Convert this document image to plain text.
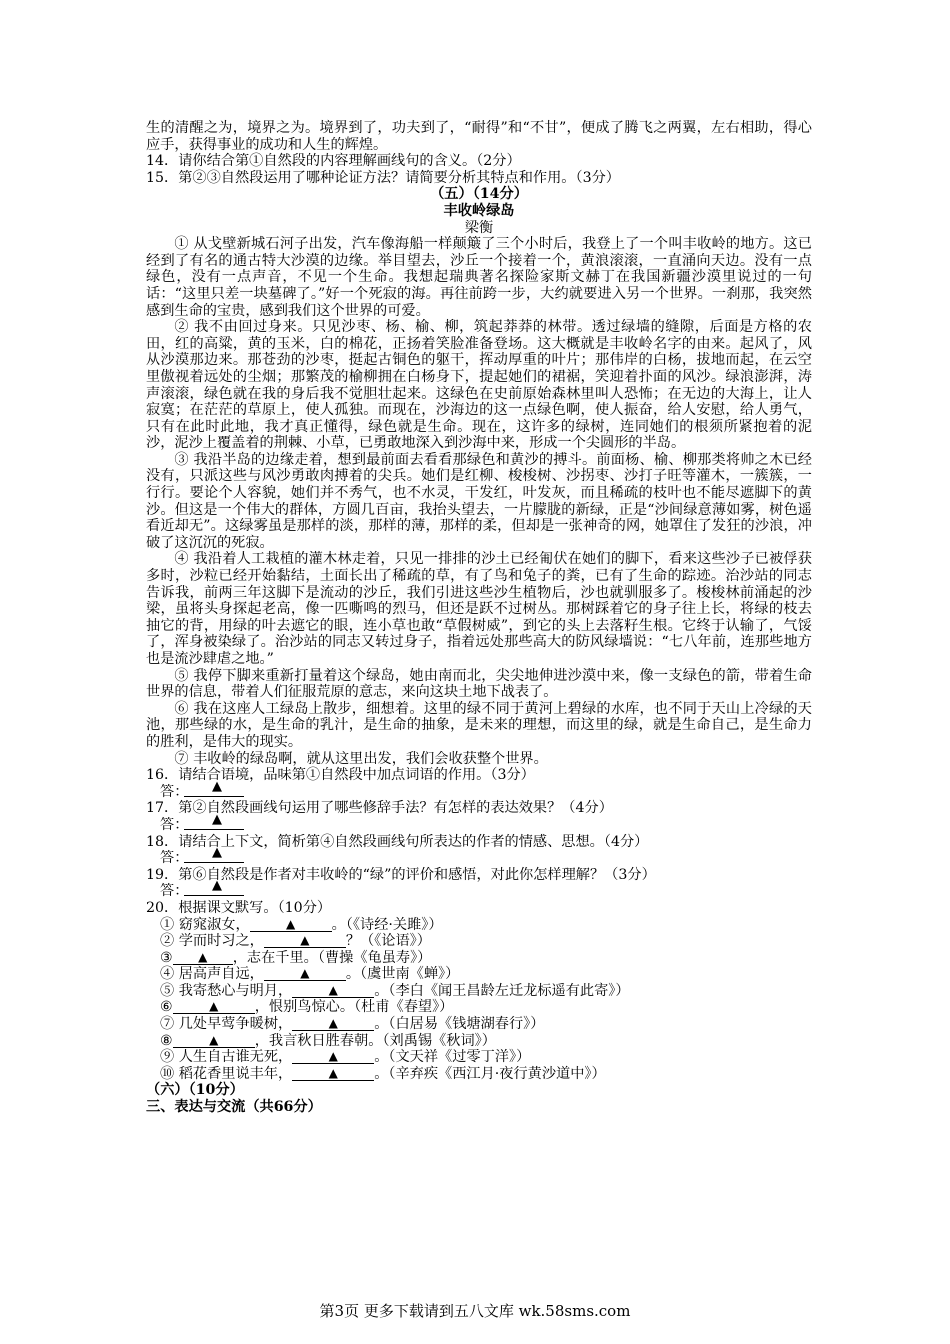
生的清醒之为，境界之为。境界到了，功夫到了，“耐得”和“不甘”，便成了腾飞之两翼，左右相助，得心应手，获得事业的成功和人生的辉煌。

14．请你结合第①自然段的内容理解画线句的含义。（2分）

15．第②③自然段运用了哪种论证方法？请简要分析其特点和作用。（3分）

（五）（14分）

丰收岭绿岛

梁衡

① 从戈壁新城石河子出发，汽车像海船一样颠簸了三个小时后，我登上了一个叫丰收岭的地方。这已经到了有名的通古特大沙漠的边缘。举目望去，沙丘一个接着一个，黄浪滚滚，一直涌向天边。没有一点绿色，没有一点声音，不见一个生命。我想起瑞典著名探险家斯文赫丁在我国新疆沙漠里说过的一句话：“这里只差一块墓碑了。”好一个死寂的海。再往前跨一步，大约就要进入另一个世界。一刹那，我突然感到生命的宝贵，感到我们这个世界的可爱。

② 我不由回过身来。只见沙枣、杨、榆、柳，筑起莽莽的林带。透过绿墙的缝隙，后面是方格的农田，红的高粱，黄的玉米，白的棉花，正扬着笑脸准备登场。这大概就是丰收岭名字的由来。起风了，风从沙漠那边来。那苍劲的沙枣，挺起古铜色的躯干，挥动厚重的叶片；那伟岸的白杨，拔地而起，在云空里傲视着远处的尘烟；那繁茂的榆柳拥在白杨身下，提起她们的裙裾，笑迎着扑面的风沙。绿浪澎湃，涛声滚滚，绿色就在我的身后我不觉胆壮起来。这绿色在史前原始森林里叫人恐怖；在无边的大海上，让人寂寞；在茫茫的草原上，使人孤独。而现在，沙海边的这一点绿色啊，使人振奋，给人安慰，给人勇气，只有在此时此地，我才真正懂得，绿色就是生命。现在，这许多的绿树，连同她们的根须所紧抱着的泥沙，泥沙上覆盖着的荆棘、小草，已勇敢地深入到沙海中来，形成一个尖圆形的半岛。

③ 我沿半岛的边缘走着，想到最前面去看看那绿色和黄沙的搏斗。前面杨、榆、柳那类将帅之木已经没有，只派这些与风沙勇敢肉搏着的尖兵。她们是红柳、梭梭树、沙拐枣、沙打子旺等灌木，一簇簇，一行行。要论个人容貌，她们并不秀气，也不水灵，干发红，叶发灰，而且稀疏的枝叶也不能尽遮脚下的黄沙。但这是一个伟大的群体，方圆几百亩，我抬头望去，一片朦胧的新绿，正是“沙间绿意薄如雾，树色遥看近却无”。这绿雾虽是那样的淡，那样的薄，那样的柔，但却是一张神奇的网，她罩住了发狂的沙浪，冲破了这沉沉的死寂。

④ 我沿着人工栽植的灌木林走着，只见一排排的沙土已经匍伏在她们的脚下，看来这些沙子已被俘获多时，沙粒已经开始黏结，土面长出了稀疏的草，有了鸟和兔子的粪，已有了生命的踪迹。治沙站的同志告诉我，前两三年这脚下是流动的沙丘，我们引进这些沙生植物后，沙也就驯服多了。梭梭林前涌起的沙梁，虽将头身探起老高，像一匹嘶鸣的烈马，但还是跃不过树丛。那树踩着它的身子往上长，将绿的枝去抽它的背，用绿的叶去遮它的眼，连小草也敢“草假树威”，到它的头上去落籽生根。它终于认输了，气馁了，浑身被染绿了。治沙站的同志又转过身子，指着远处那些高大的防风绿墙说：“七八年前，连那些地方也是流沙肆虐之地。”

⑤ 我停下脚来重新打量着这个绿岛，她由南而北，尖尖地伸进沙漠中来，像一支绿色的箭，带着生命世界的信息，带着人们征服荒原的意志，来向这块土地下战表了。

⑥ 我在这座人工绿岛上散步，细想着。这里的绿不同于黄河上碧绿的水库，也不同于天山上冷绿的天池，那些绿的水，是生命的乳汁，是生命的抽象，是未来的理想，而这里的绿，就是生命自己，是生命力的胜利，是伟大的现实。

⑦ 丰收岭的绿岛啊，就从这里出发，我们会收获整个世界。

16．请结合语境，品味第①自然段中加点词语的作用。（3分）

答： ▲

17．第②自然段画线句运用了哪些修辞手法？有怎样的表达效果？（4分）

答： ▲

18．请结合上下文，简析第④自然段画线句所表达的作者的情感、思想。（4分）

答： ▲

19．第⑥自然段是作者对丰收岭的“绿”的评价和感悟，对此你怎样理解？（3分）

答： ▲

20．根据课文默写。（10分）

① 窈窕淑女，	▲	。（《诗经·关雎》）

② 学而时习之，	▲	？（《论语》）

③ ▲ ，志在千里。（曹操《龟虽寿》）

④ 居高声自远，	▲	。（虞世南《蝉》）

⑤ 我寄愁心与明月，	▲	。（李白《闻王昌龄左迁龙标遥有此寄》）

⑥	▲	，恨别鸟惊心。（杜甫《春望》）

⑦ 几处早莺争暖树，	▲	。（白居易《钱塘湖春行》）

⑧	▲	，我言秋日胜春朝。（刘禹锡《秋词》）

⑨ 人生自古谁无死，	▲	。（文天祥《过零丁洋》）

⑩ 稻花香里说丰年，	▲	。（辛弃疾《西江月·夜行黄沙道中》）

（六）（10分）

三、表达与交流（共66分）

第3页 更多下载请到五八文库 wk.58sms.com
